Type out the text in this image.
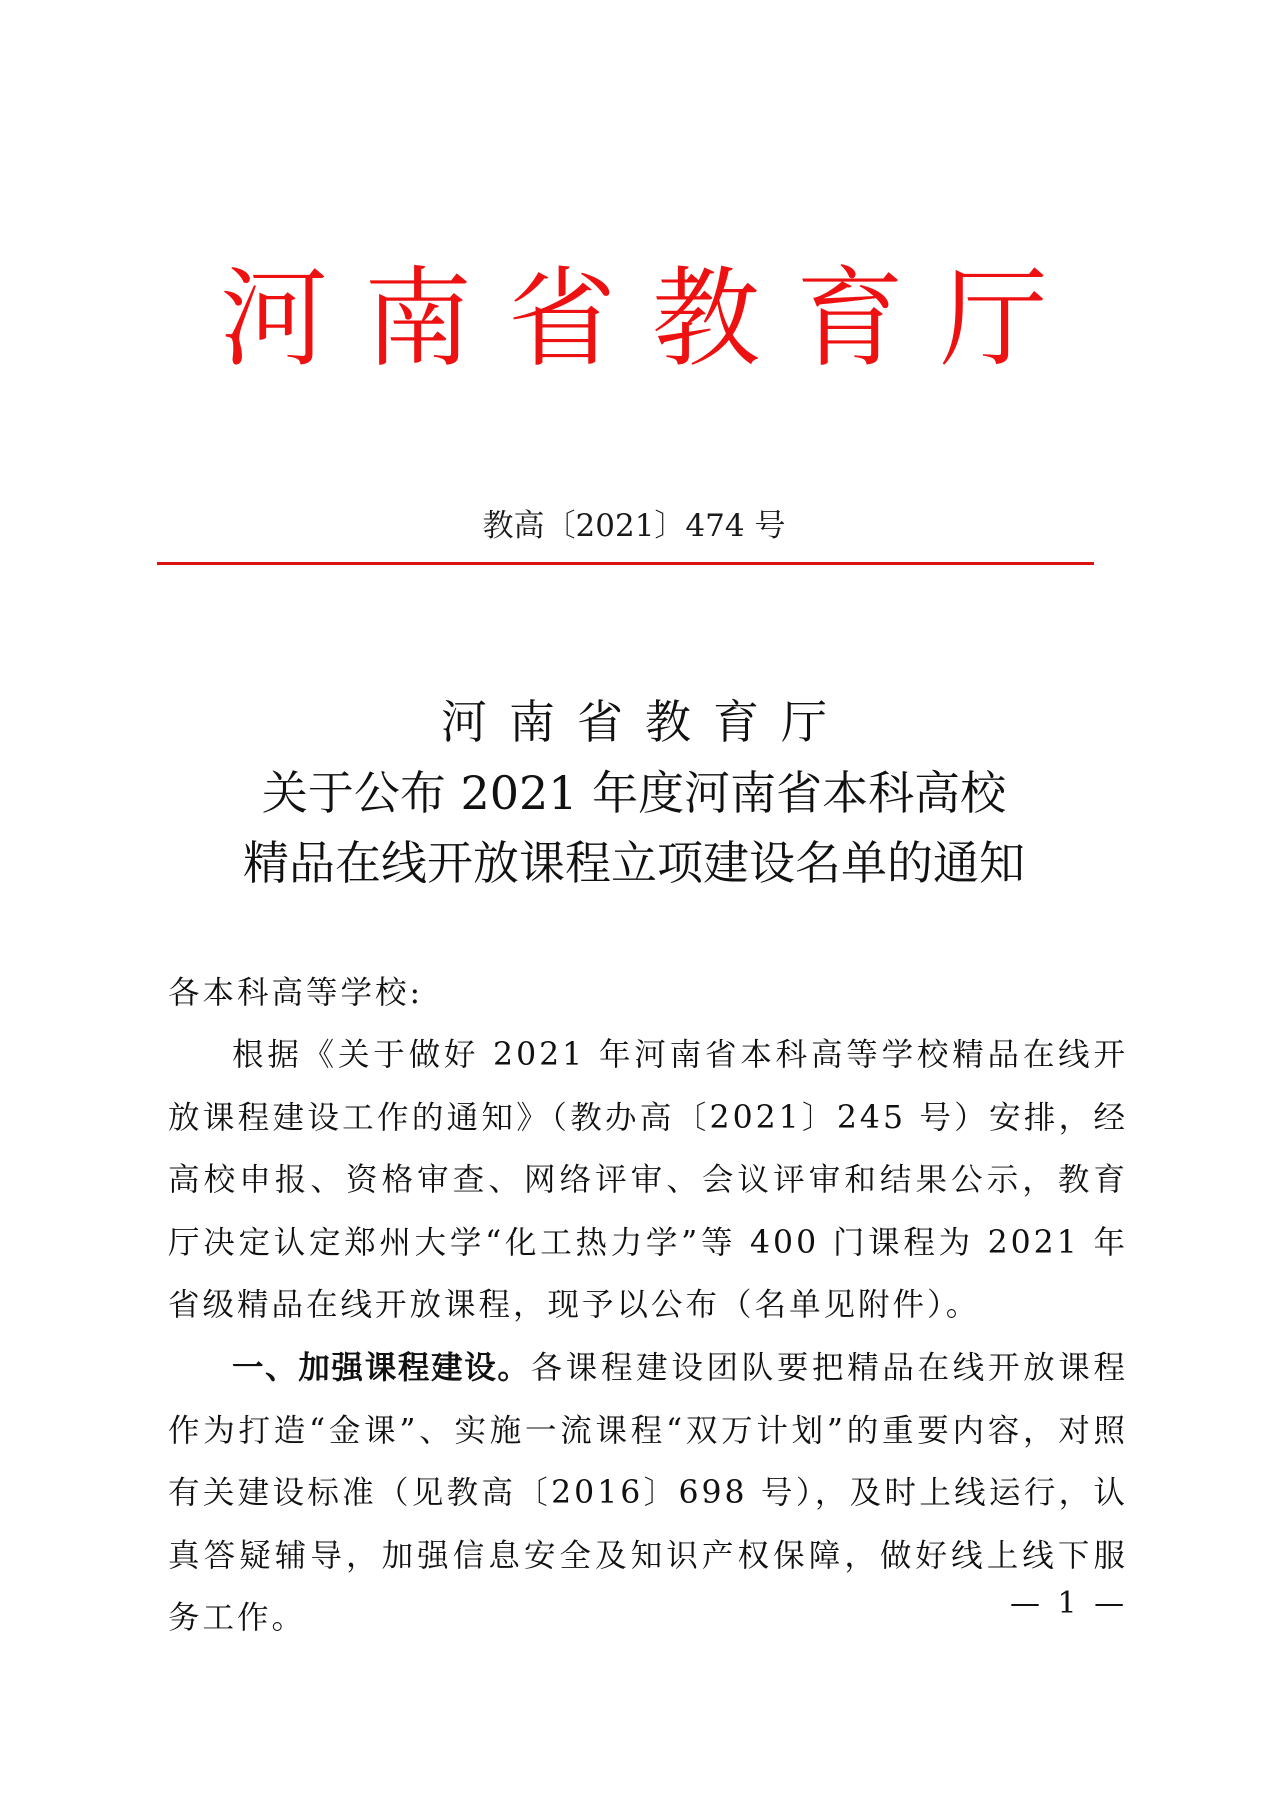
河南省教育厅
教高〔2021〕474 号
河南省教育厅
关于公布 2021 年度河南省本科高校
精品在线开放课程立项建设名单的通知
各本科高等学校:
根据《关于做好 2021 年河南省本科高等学校精品在线开放课程建设工作的通知》（教办高〔2021〕245 号）安排，经高校申报、资格审查、网络评审、会议评审和结果公示，教育厅决定认定郑州大学“化工热力学”等 400 门课程为 2021 年省级精品在线开放课程，现予以公布（名单见附件）。
一、加强课程建设。各课程建设团队要把精品在线开放课程作为打造“金课”、实施一流课程“双万计划”的重要内容，对照有关建设标准（见教高〔2016〕698 号），及时上线运行，认真答疑辅导，加强信息安全及知识产权保障，做好线上线下服务工作。	— 1 —
